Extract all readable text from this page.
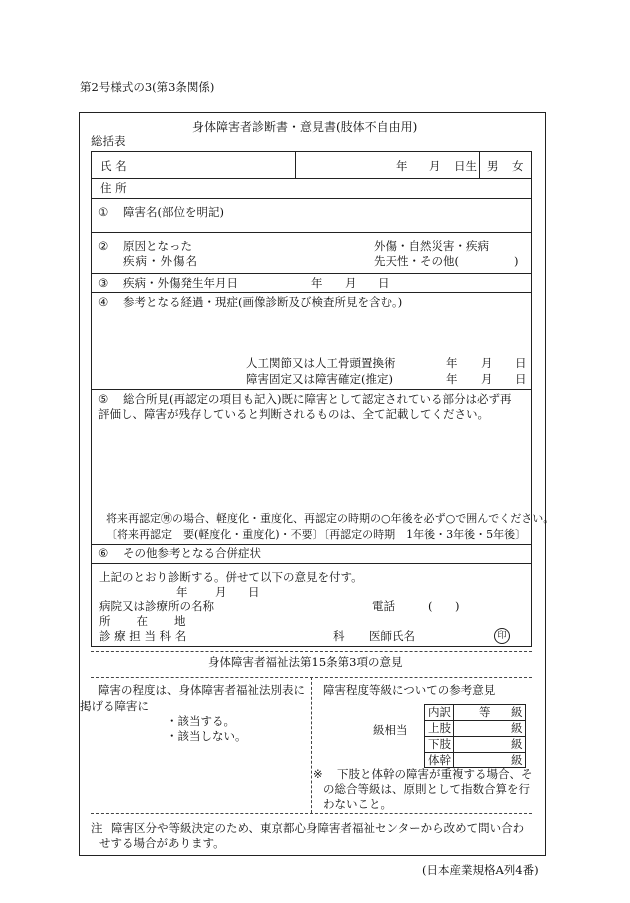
第2号様式の3(第3条関係)
身体障害者診断書・意見書(肢体不自由用)
総括表
氏 名	年 月 日生 男 女
住 所
① 障害名(部位を明記)
② 原因となった
疾病・外傷名
外傷・自然災害・疾病
先天性・その他(	)
③ 疾病・外傷発生年月日	年 月 日
④ 参考となる経過・現症(画像診断及び検査所見を含む。)
人工関節又は人工骨頭置換術	年 月 日
障害固定又は障害確定(推定)	年 月 日
⑤ 総合所見(再認定の項目も記入)既に障害として認定されている部分は必ず再
評価し、障害が残存していると判断されるものは、全て記載してください。
将来再認定㊚の場合、軽度化・重度化、再認定の時期の○年後を必ず○で囲んでください。
〔将来再認定　要(軽度化・重度化)・不要〕〔再認定の時期　1年後・3年後・5年後〕
⑥ その他参考となる合併症状
上記のとおり診断する。併せて以下の意見を付す。
年 月 日
病院又は診療所の名称	電話	( )
所　　在　　地
診 療 担 当 科 名	科 医師氏名	印
身体障害者福祉法第15条第3項の意見
障害の程度は、身体障害者福祉法別表に
掲げる障害に
・該当する。
・該当しない。
障害程度等級についての参考意見
級相当
内訳 等 級
上肢	級
下肢	級
体幹	級
※ 下肢と体幹の障害が重複する場合、そ
の総合等級は、原則として指数合算を行
わないこと。
注 障害区分や等級決定のため、東京都心身障害者福祉センターから改めて問い合わ
せする場合があります。
(日本産業規格A列4番)
